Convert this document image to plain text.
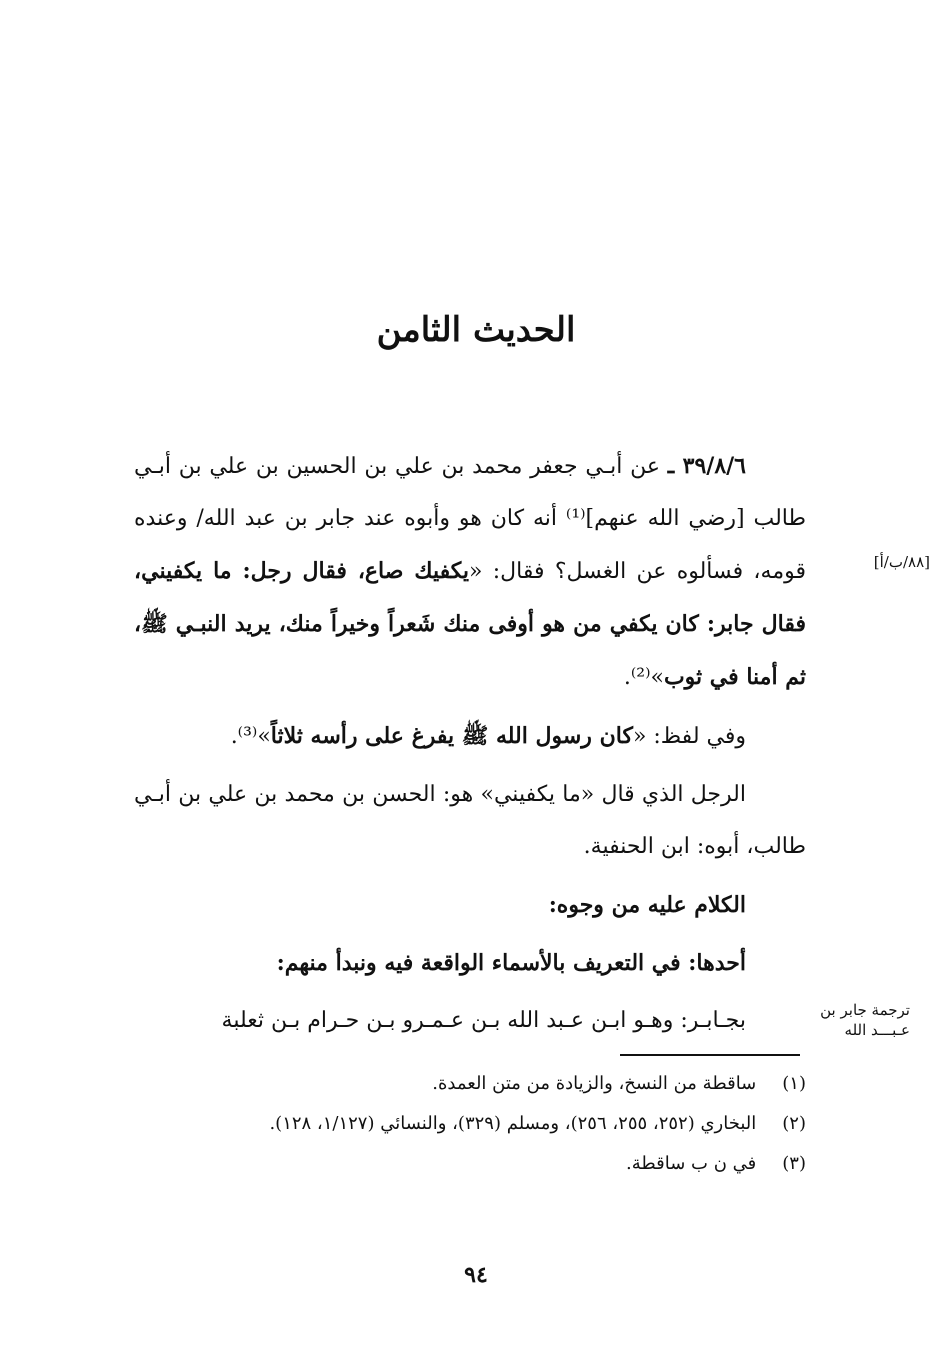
الحديث الثامن

٣٩/٨/٦ ـ عن أبـي جعفر محمد بن علي بن الحسين بن علي بن أبـي طالب [رضي الله عنهم]⁽¹⁾ أنه كان هو وأبوه عند جابر بن عبد الله/ وعنده قومه، فسألوه عن الغسل؟ فقال: «يكفيك صاع، فقال رجل: ما يكفيني، فقال جابر: كان يكفي من هو أوفى منك شَعراً وخيراً منك، يريد النبـي ﷺ، ثم أمنا في ثوب»⁽²⁾.

وفي لفظ: «كان رسول الله ﷺ يفرغ على رأسه ثلاثاً»⁽³⁾.

الرجل الذي قال «ما يكفيني» هو: الحسن بن محمد بن علي بن أبـي طالب، أبوه: ابن الحنفية.

الكلام عليه من وجوه:

أحدها: في التعريف بالأسماء الواقعة فيه ونبدأ منهم:

بجـابـر: وهـو ابـن عـبد الله بـن عـمـرو بـن حـرام بـن ثعلبة

[٨٨/ب/أ]
ترجمة جابر بن عـبـــد الله

(١) ساقطة من النسخ، والزيادة من متن العمدة.

(٢) البخاري (٢٥٢، ٢٥٥، ٢٥٦)، ومسلم (٣٢٩)، والنسائي (١/١٢٧، ١٢٨).

(٣) في ن ب ساقطة.

٩٤
